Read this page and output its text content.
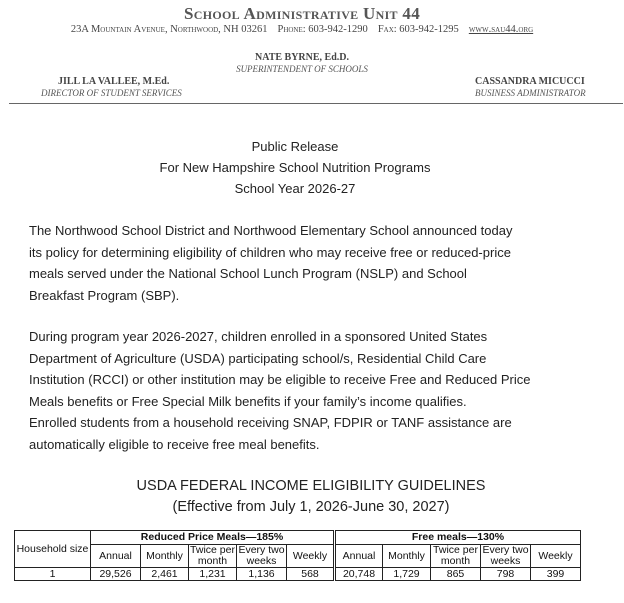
School Administrative Unit 44
23A Mountain Avenue, Northwood, NH 03261 Phone: 603-942-1290 Fax: 603-942-1295 www.sau44.org
NATE BYRNE, Ed.D.
SUPERINTENDENT OF SCHOOLS
JILL LA VALLEE, M.Ed.
DIRECTOR OF STUDENT SERVICES
CASSANDRA MICUCCI
BUSINESS ADMINISTRATOR
Public Release
For New Hampshire School Nutrition Programs
School Year 2026-27
The Northwood School District and Northwood Elementary School announced today
its policy for determining eligibility of children who may receive free or reduced-price
meals served under the National School Lunch Program (NSLP) and School
Breakfast Program (SBP).
During program year 2026-2027, children enrolled in a sponsored United States
Department of Agriculture (USDA) participating school/s, Residential Child Care
Institution (RCCI) or other institution may be eligible to receive Free and Reduced Price
Meals benefits or Free Special Milk benefits if your family’s income qualifies.
Enrolled students from a household receiving SNAP, FDPIR or TANF assistance are
automatically eligible to receive free meal benefits.
USDA FEDERAL INCOME ELIGIBILITY GUIDELINES
(Effective from July 1, 2026-June 30, 2027)
Household size	Reduced Price Meals—185%					Free meals—130%				
	Annual	Monthly	Twice per month	Every two weeks	Weekly	Annual	Monthly	Twice per month	Every two weeks	Weekly
1	29,526	2,461	1,231	1,136	568	20,748	1,729	865	798	399
